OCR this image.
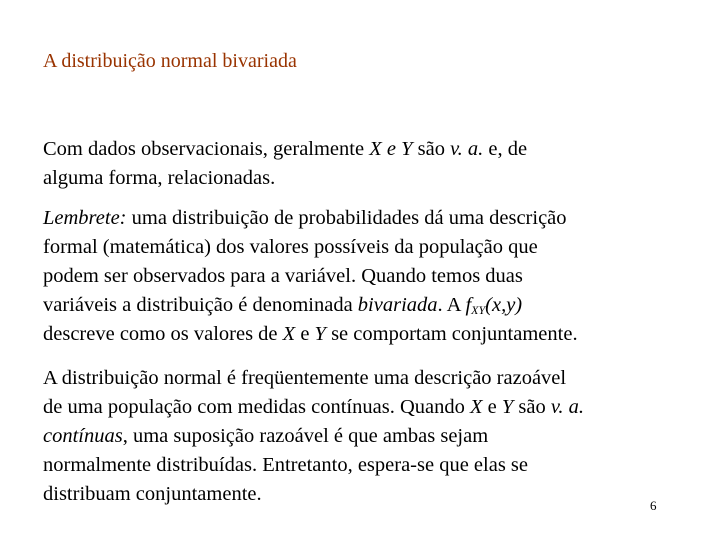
A distribuição normal bivariada
Com dados observacionais, geralmente X e Y são v. a. e, de
alguma forma, relacionadas.
Lembrete: uma distribuição de probabilidades dá uma descrição
formal (matemática) dos valores possíveis da população que
podem ser observados para a variável. Quando temos duas
variáveis a distribuição é denominada bivariada. A $f_{XY}(x,y)$
descreve como os valores de X e Y se comportam conjuntamente.
A distribuição normal é freqüentemente uma descrição razoável
de uma população com medidas contínuas. Quando X e Y são v. a.
contínuas, uma suposição razoável é que ambas sejam
normalmente distribuídas. Entretanto, espera-se que elas se
distribuam conjuntamente.
6
